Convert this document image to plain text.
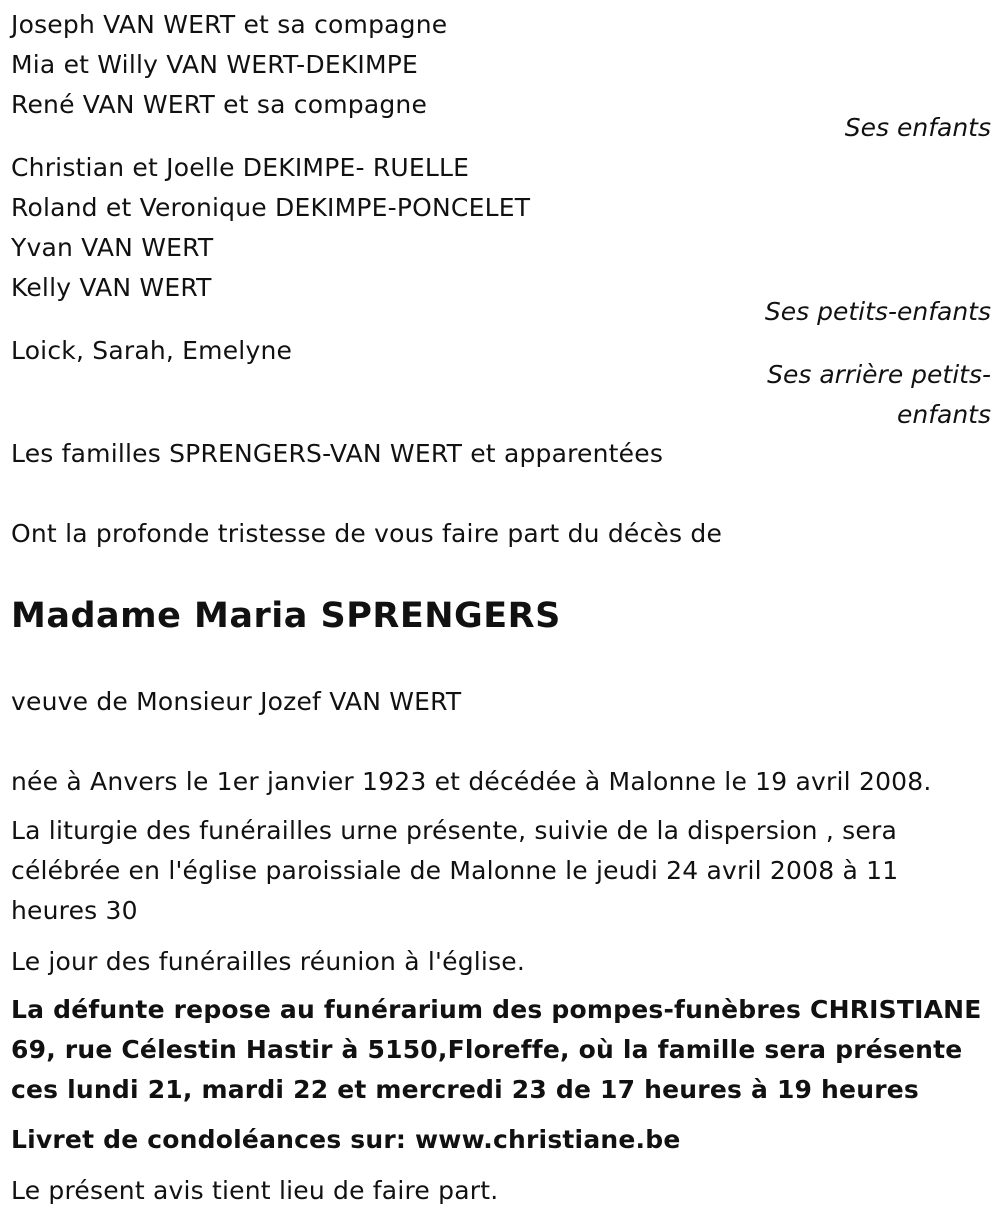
Joseph VAN WERT et sa compagne
Mia et Willy VAN WERT-DEKIMPE
René VAN WERT et sa compagne
Ses enfants
Christian et Joelle DEKIMPE- RUELLE
Roland et Veronique DEKIMPE-PONCELET
Yvan VAN WERT
Kelly VAN WERT
Ses petits-enfants
Loick, Sarah, Emelyne
Ses arrière petits-enfants
Les familles SPRENGERS-VAN WERT et apparentées
Ont la profonde tristesse de vous faire part du décès de
Madame Maria SPRENGERS
veuve de Monsieur Jozef VAN WERT
née à Anvers le 1er janvier 1923 et décédée à Malonne le 19 avril 2008.
La liturgie des funérailles urne présente, suivie de la dispersion , sera célébrée en l'église paroissiale de Malonne le jeudi 24 avril 2008 à 11 heures 30
Le jour des funérailles réunion à l'église.
La défunte repose au funérarium des pompes-funèbres CHRISTIANE 69, rue Célestin Hastir à 5150,Floreffe, où la famille sera présente ces lundi 21, mardi 22 et mercredi 23 de 17 heures à 19 heures
Livret de condoléances sur: www.christiane.be
Le présent avis tient lieu de faire part.
